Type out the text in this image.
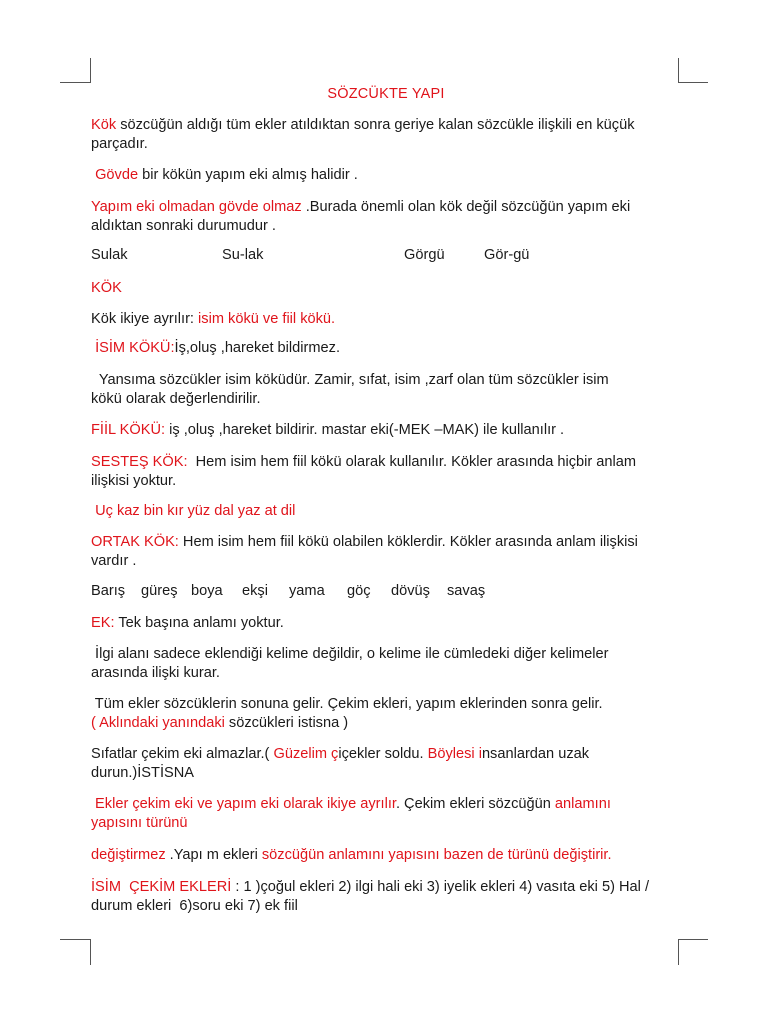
SÖZCÜKTE YAPI
Kök sözcüğün aldığı tüm ekler atıldıktan sonra geriye kalan sözcükle ilişkili en küçük
parçadır.
Gövde bir kökün yapım eki almış halidir .
Yapım eki olmadan gövde olmaz .Burada önemli olan kök değil sözcüğün yapım eki
aldıktan sonraki durumudur .
Sulak	Su-lak	Görgü	Gör-gü
KÖK
Kök ikiye ayrılır: isim kökü ve fiil kökü.
İSİM KÖKÜ:İş,oluş ,hareket bildirmez.
Yansıma sözcükler isim köküdür. Zamir, sıfat, isim ,zarf olan tüm sözcükler isim
kökü olarak değerlendirilir.
FİİL KÖKÜ: iş ,oluş ,hareket bildirir. mastar eki(-MEK –MAK) ile kullanılır .
SESTEŞ KÖK:  Hem isim hem fiil kökü olarak kullanılır. Kökler arasında hiçbir anlam
ilişkisi yoktur.
Uç kaz bin kır yüz dal yaz at dil
ORTAK KÖK: Hem isim hem fiil kökü olabilen köklerdir. Kökler arasında anlam ilişkisi
vardır .
Barış güreş boya ekşi yama göç dövüş savaş
EK: Tek başına anlamı yoktur.
İlgi alanı sadece eklendiği kelime değildir, o kelime ile cümledeki diğer kelimeler
arasında ilişki kurar.
Tüm ekler sözcüklerin sonuna gelir. Çekim ekleri, yapım eklerinden sonra gelir.
( Aklındaki yanındaki sözcükleri istisna )
Sıfatlar çekim eki almazlar.( Güzelim çiçekler soldu. Böylesi insanlardan uzak
durun.)İSTİSNA
Ekler çekim eki ve yapım eki olarak ikiye ayrılır. Çekim ekleri sözcüğün anlamını
yapısını türünü
değiştirmez .Yapı m ekleri sözcüğün anlamını yapısını bazen de türünü değiştirir.
İSİM  ÇEKİM EKLERİ : 1 )çoğul ekleri 2) ilgi hali eki 3) iyelik ekleri 4) vasıta eki 5) Hal /
durum ekleri  6)soru eki 7) ek fiil
